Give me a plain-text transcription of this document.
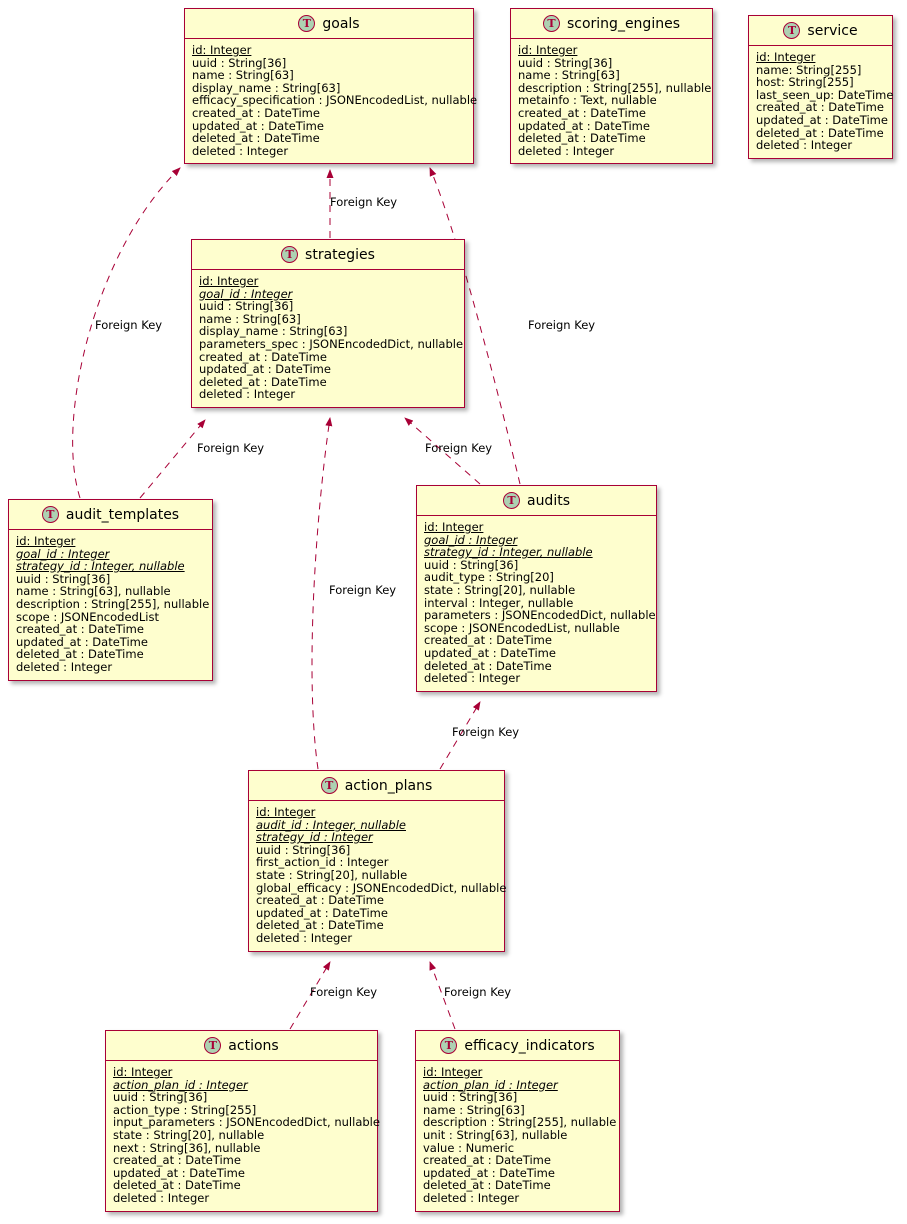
T goals
id: Integer
uuid : String[36]
name : String[63]
display_name : String[63]
efficacy_specification : JSONEncodedList, nullable
created_at : DateTime
updated_at : DateTime
deleted_at : DateTime
deleted : Integer
T scoring_engines
id: Integer
uuid : String[36]
name : String[63]
description : String[255], nullable
metainfo : Text, nullable
created_at : DateTime
updated_at : DateTime
deleted_at : DateTime
deleted : Integer
T service
id: Integer
name: String[255]
host: String[255]
last_seen_up: DateTime
created_at : DateTime
updated_at : DateTime
deleted_at : DateTime
deleted : Integer
T strategies
id: Integer
goal_id : Integer
uuid : String[36]
name : String[63]
display_name : String[63]
parameters_spec : JSONEncodedDict, nullable
created_at : DateTime
updated_at : DateTime
deleted_at : DateTime
deleted : Integer
T audit_templates
id: Integer
goal_id : Integer
strategy_id : Integer, nullable
uuid : String[36]
name : String[63], nullable
description : String[255], nullable
scope : JSONEncodedList
created_at : DateTime
updated_at : DateTime
deleted_at : DateTime
deleted : Integer
T audits
id: Integer
goal_id : Integer
strategy_id : Integer, nullable
uuid : String[36]
audit_type : String[20]
state : String[20], nullable
interval : Integer, nullable
parameters : JSONEncodedDict, nullable
scope : JSONEncodedList, nullable
created_at : DateTime
updated_at : DateTime
deleted_at : DateTime
deleted : Integer
T action_plans
id: Integer
audit_id : Integer, nullable
strategy_id : Integer
uuid : String[36]
first_action_id : Integer
state : String[20], nullable
global_efficacy : JSONEncodedDict, nullable
created_at : DateTime
updated_at : DateTime
deleted_at : DateTime
deleted : Integer
T actions
id: Integer
action_plan_id : Integer
uuid : String[36]
action_type : String[255]
input_parameters : JSONEncodedDict, nullable
state : String[20], nullable
next : String[36], nullable
created_at : DateTime
updated_at : DateTime
deleted_at : DateTime
deleted : Integer
T efficacy_indicators
id: Integer
action_plan_id : Integer
uuid : String[36]
name : String[63]
description : String[255], nullable
unit : String[63], nullable
value : Numeric
created_at : DateTime
updated_at : DateTime
deleted_at : DateTime
deleted : Integer
Foreign Key
Foreign Key	Foreign Key
Foreign Key	Foreign Key
Foreign Key
Foreign Key
Foreign Key	Foreign Key
